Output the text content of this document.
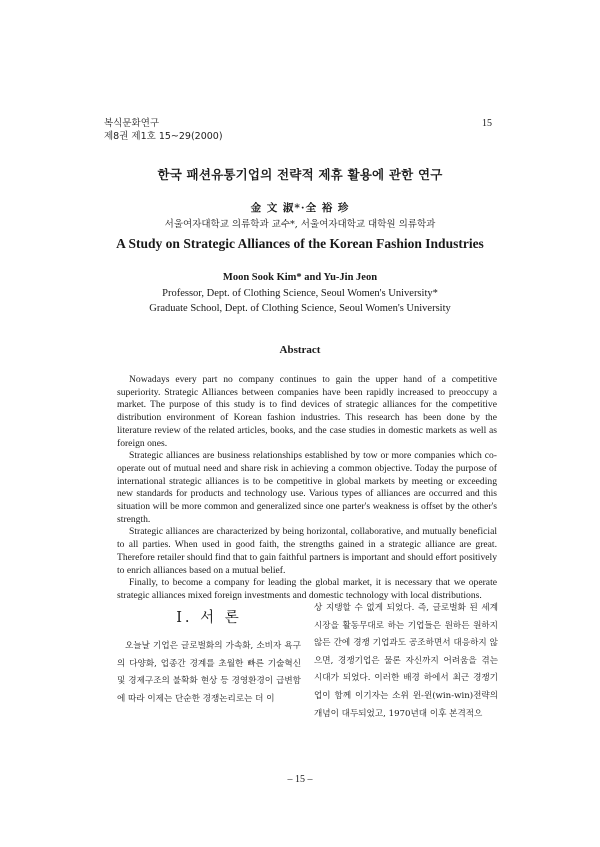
복식문화연구
제8권 제1호 15~29(2000)
15
한국 패션유통기업의 전략적 제휴 활용에 관한 연구
金 文 淑*·全 裕 珍
서울여자대학교 의류학과 교수*, 서울여자대학교 대학원 의류학과
A Study on Strategic Alliances of the Korean Fashion Industries
Moon Sook Kim* and Yu-Jin Jeon
Professor, Dept. of Clothing Science, Seoul Women's University*
Graduate School, Dept. of Clothing Science, Seoul Women's University
Abstract

Nowadays every part no company continues to gain the upper hand of a competitive superiority. Strategic Alliances between companies have been rapidly increased to preoccupy a market. The purpose of this study is to find devices of strategic alliances for the competitive distribution environment of Korean fashion industries. This research has been done by the literature review of the related articles, books, and the case studies in domestic markets as well as foreign ones.

Strategic alliances are business relationships established by tow or more companies which co-operate out of mutual need and share risk in achieving a common objective. Today the purpose of international strategic alliances is to be competitive in global markets by meeting or exceeding new standards for products and technology use. Various types of alliances are occurred and this situation will be more common and generalized since one parter's weakness is offset by the other's strength.

Strategic alliances are characterized by being horizontal, collaborative, and mutually beneficial to all parties. When used in good faith, the strengths gained in a strategic alliance are great. Therefore retailer should find that to gain faithful partners is important and should effort positively to enrich alliances based on a mutual belief.

Finally, to become a company for leading the global market, it is necessary that we operate strategic alliances mixed foreign investments and domestic technology with local distributions.

Ⅰ. 서 론
오늘날 기업은 글로벌화의 가속화, 소비자 욕구의 다양화, 업종간 경계를 초월한 빠른 기술혁신 및 경제구조의 불확화 현상 등 경영환경이 급변함에 따라 이제는 단순한 경쟁논리로는 더 이
상 지탱할 수 없게 되었다. 즉, 글로벌화 된 세계시장을 활동무대로 하는 기업들은 원하든 원하지 않든 간에 경쟁 기업과도 공조하면서 대응하지 않으면, 경쟁기업은 물론 자신까지 어려움을 겪는 시대가 되었다. 이러한 배경 하에서 최근 경쟁기업이 함께 이기자는 소위 윈-윈(win-win)전략의 개념이 대두되었고, 1970년대 이후 본격적으
– 15 –
